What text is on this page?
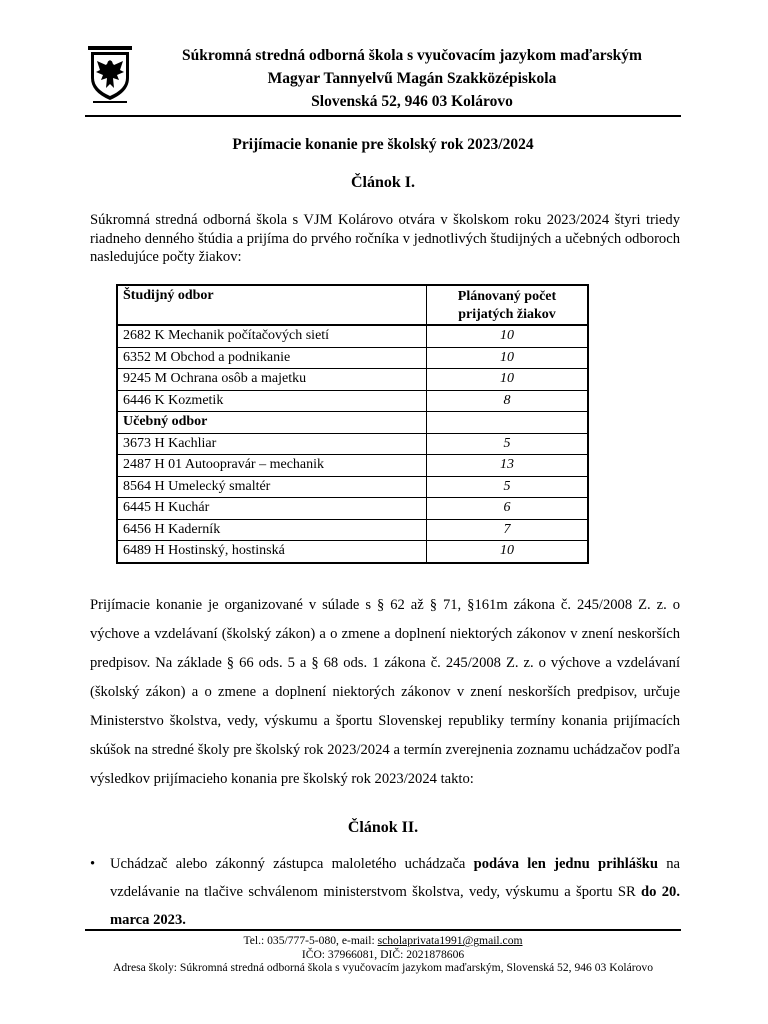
Súkromná stredná odborná škola s vyučovacím jazykom maďarským
Magyar Tannyelvű Magán Szakközépiskola
Slovenská 52, 946 03 Kolárovo
Prijímacie konanie pre školský rok 2023/2024
Článok I.
Súkromná stredná odborná škola s VJM Kolárovo otvára v školskom roku 2023/2024 štyri triedy riadneho denného štúdia a prijíma do prvého ročníka v jednotlivých študijných a učebných odboroch nasledujúce počty žiakov:
Študijný odbor	Plánovaný počet prijatých žiakov
2682 K Mechanik počítačových sietí	10
6352 M Obchod a podnikanie	10
9245 M Ochrana osôb a majetku	10
6446 K Kozmetik	8
Učebný odbor	
3673 H Kachliar	5
2487 H 01 Autoopravár – mechanik	13
8564 H Umelecký smaltér	5
6445 H Kuchár	6
6456 H Kaderník	7
6489 H Hostinský, hostinská	10
Prijímacie konanie je organizované v súlade s § 62 až § 71, §161m zákona č. 245/2008 Z. z. o výchove a vzdelávaní (školský zákon) a o zmene a doplnení niektorých zákonov v znení neskorších predpisov. Na základe § 66 ods. 5 a § 68 ods. 1 zákona č. 245/2008 Z. z. o výchove a vzdelávaní (školský zákon) a o zmene a doplnení niektorých zákonov v znení neskorších predpisov, určuje Ministerstvo školstva, vedy, výskumu a športu Slovenskej republiky termíny konania prijímacích skúšok na stredné školy pre školský rok 2023/2024 a termín zverejnenia zoznamu uchádzačov podľa výsledkov prijímacieho konania pre školský rok 2023/2024 takto:
Článok II.
• Uchádzač alebo zákonný zástupca maloletého uchádzača podáva len jednu prihlášku na vzdelávanie na tlačive schválenom ministerstvom školstva, vedy, výskumu a športu SR do 20. marca 2023.
Tel.: 035/777-5-080, e-mail: scholaprivata1991@gmail.com
IČO: 37966081, DIČ: 2021878606
Adresa školy: Súkromná stredná odborná škola s vyučovacím jazykom maďarským, Slovenská 52, 946 03 Kolárovo
